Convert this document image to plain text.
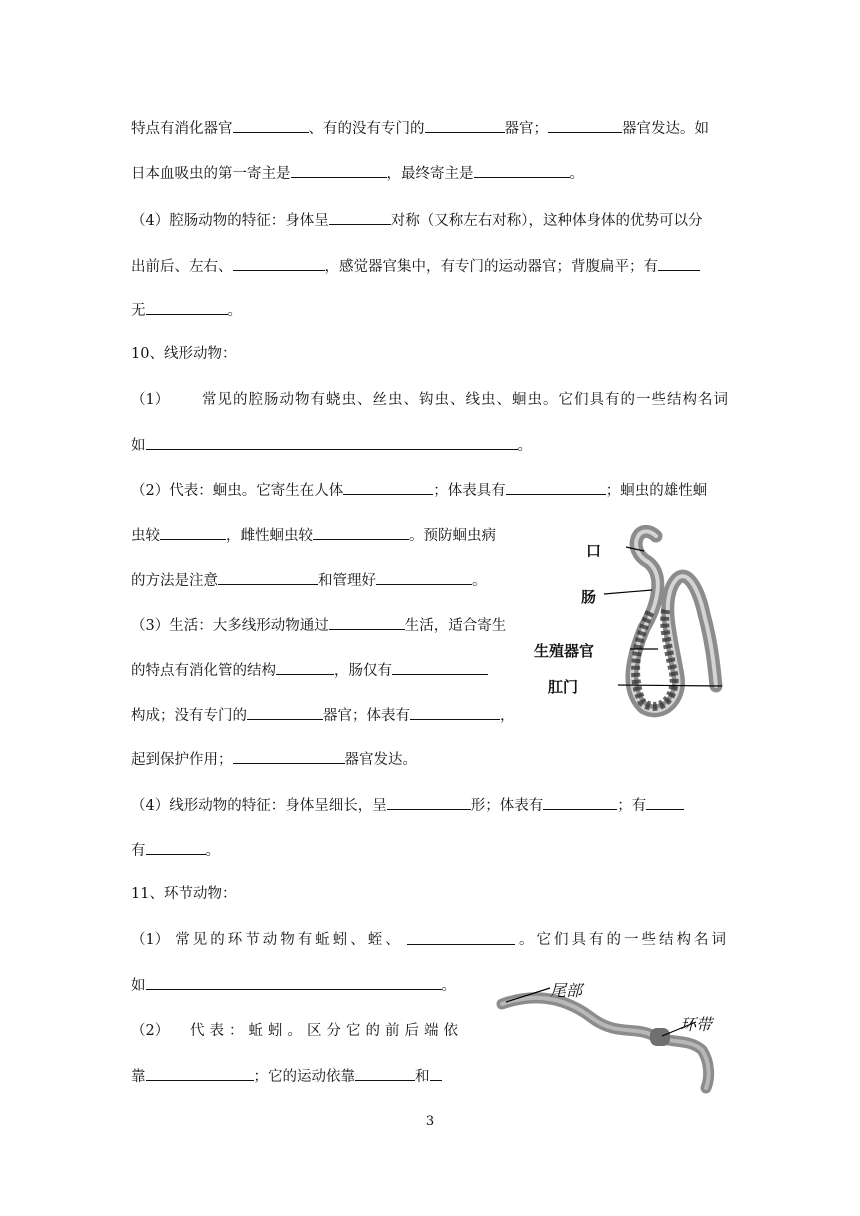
特点有消化器官	、有的没有专门的	器官；	器官发达。如
日本血吸虫的第一寄主是	，最终寄主是	。
（4）腔肠动物的特征：身体呈	对称（又称左右对称），这种体身体的优势可以分
出前后、左右、	，感觉器官集中，有专门的运动器官；背腹扁平；有
无	。
10、线形动物：
（1） 常见的腔肠动物有蛲虫、丝虫、钩虫、线虫、蛔虫。它们具有的一些结构名词
如	。
（2）代表：蛔虫。它寄生在人体	；体表具有	；蛔虫的雄性蛔
虫较	，雌性蛔虫较	。预防蛔虫病
的方法是注意	和管理好	。
（3）生活：大多线形动物通过	生活，适合寄生
的特点有消化管的结构	，肠仅有
构成；没有专门的	器官；体表有	，
起到保护作用；	器官发达。
（4）线形动物的特征：身体呈细长，呈	形；体表有	；有
有	。
11、环节动物：
（1） 常见的环节动物有蚯蚓、蛭、	。它们具有的一些结构名词
如	。
（2） 代表：蚯蚓。区分它的前后端依
靠	；它的运动依靠	和
口
肠
生殖器官
肛门
尾部
环带
3
